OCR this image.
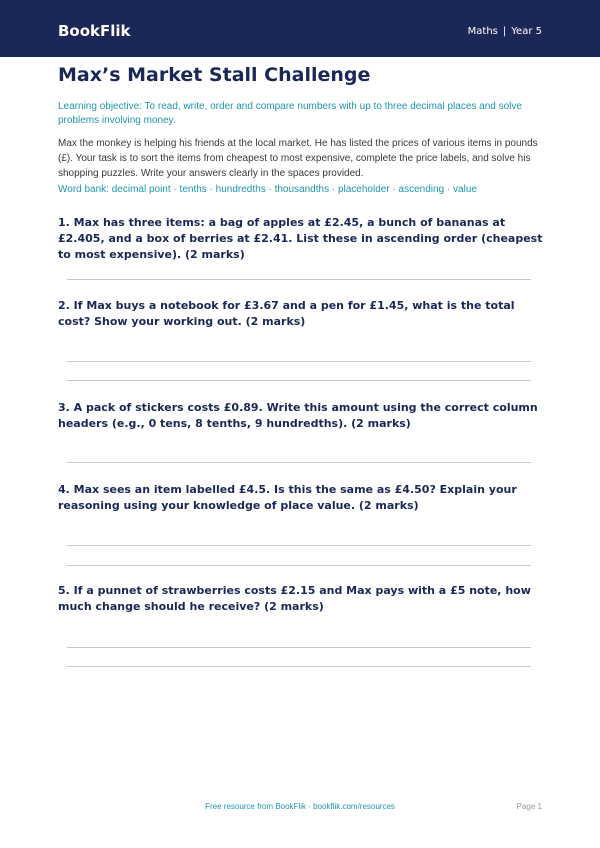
BookFlik	Maths | Year 5
Max’s Market Stall Challenge
Learning objective: To read, write, order and compare numbers with up to three decimal places and solve problems involving money.
Max the monkey is helping his friends at the local market. He has listed the prices of various items in pounds (£). Your task is to sort the items from cheapest to most expensive, complete the price labels, and solve his shopping puzzles. Write your answers clearly in the spaces provided.
Word bank: decimal point · tenths · hundredths · thousandths · placeholder · ascending · value
1. Max has three items: a bag of apples at £2.45, a bunch of bananas at £2.405, and a box of berries at £2.41. List these in ascending order (cheapest to most expensive). (2 marks)
2. If Max buys a notebook for £3.67 and a pen for £1.45, what is the total cost? Show your working out. (2 marks)
3. A pack of stickers costs £0.89. Write this amount using the correct column headers (e.g., 0 tens, 8 tenths, 9 hundredths). (2 marks)
4. Max sees an item labelled £4.5. Is this the same as £4.50? Explain your reasoning using your knowledge of place value. (2 marks)
5. If a punnet of strawberries costs £2.15 and Max pays with a £5 note, how much change should he receive? (2 marks)
Free resource from BookFlik · bookflik.com/resources	Page 1
